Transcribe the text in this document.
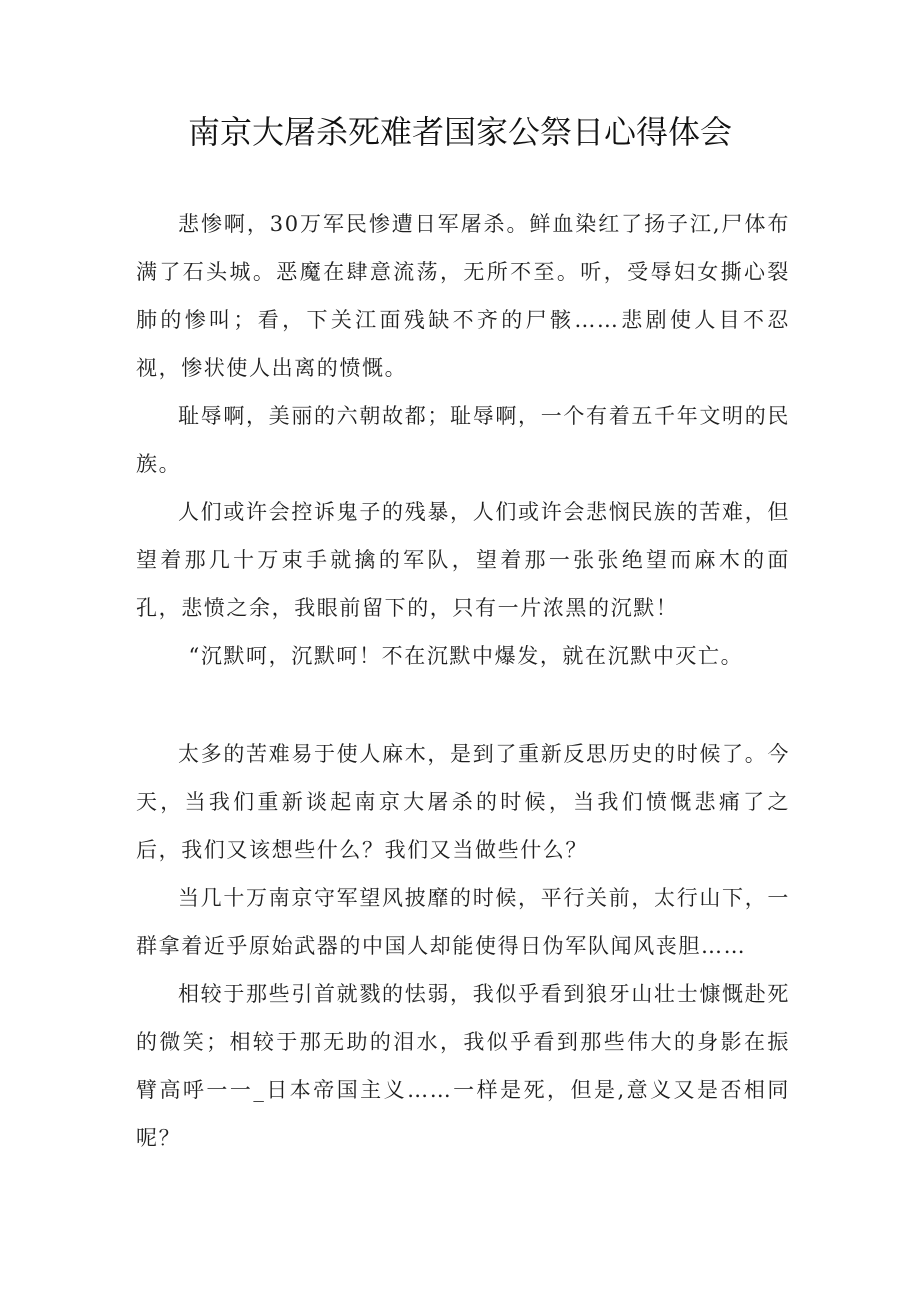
南京大屠杀死难者国家公祭日心得体会

悲惨啊，30万军民惨遭日军屠杀。鲜血染红了扬子江,尸体布满了石头城。恶魔在肆意流荡，无所不至。听，受辱妇女撕心裂肺的惨叫；看，下关江面残缺不齐的尸骸……悲剧使人目不忍视，惨状使人出离的愤慨。

耻辱啊，美丽的六朝故都；耻辱啊，一个有着五千年文明的民族。

人们或许会控诉鬼子的残暴，人们或许会悲悯民族的苦难，但望着那几十万束手就擒的军队，望着那一张张绝望而麻木的面孔，悲愤之余，我眼前留下的，只有一片浓黑的沉默！

“沉默呵，沉默呵！不在沉默中爆发，就在沉默中灭亡。

太多的苦难易于使人麻木，是到了重新反思历史的时候了。今天，当我们重新谈起南京大屠杀的时候，当我们愤慨悲痛了之后，我们又该想些什么？我们又当做些什么？

当几十万南京守军望风披靡的时候，平行关前，太行山下，一群拿着近乎原始武器的中国人却能使得日伪军队闻风丧胆……

相较于那些引首就戮的怯弱，我似乎看到狼牙山壮士慷慨赴死的微笑；相较于那无助的泪水，我似乎看到那些伟大的身影在振臂高呼一一_日本帝国主义……一样是死，但是,意义又是否相同呢？
